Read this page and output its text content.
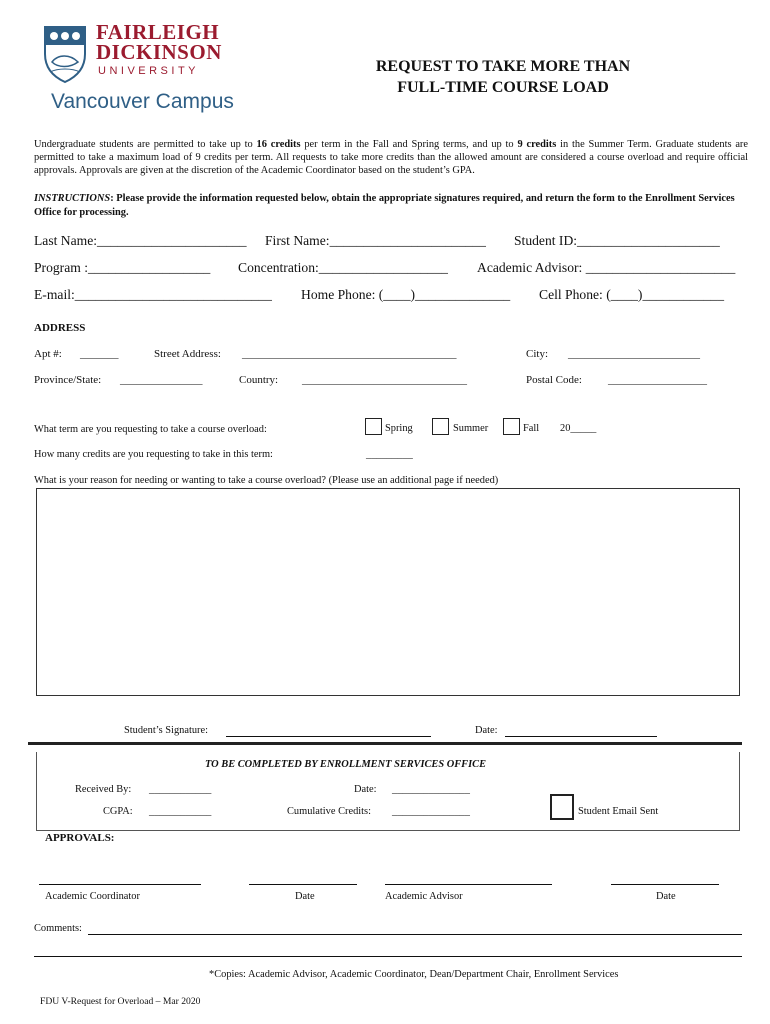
FAIRLEIGH
DICKINSON
UNIVERSITY
Vancouver Campus
REQUEST TO TAKE MORE THAN
FULL-TIME COURSE LOAD
Undergraduate students are permitted to take up to 16 credits per term in the Fall and Spring terms, and up to 9 credits in the Summer Term. Graduate students are permitted to take a maximum load of 9 credits per term. All requests to take more credits than the allowed amount are considered a course overload and require official approvals. Approvals are given at the discretion of the Academic Coordinator based on the student’s GPA.
INSTRUCTIONS: Please provide the information requested below, obtain the appropriate signatures required, and return the form to the Enrollment Services Office for processing.
Last Name:______________________ First Name:_______________________ Student ID:_____________________
Program :__________________ Concentration:___________________ Academic Advisor: ______________________
E-mail:_____________________________ Home Phone: (____)______________ Cell Phone: (____)____________
ADDRESS
Apt #: _______	Street Address: _______________________________________	City: ________________________
Province/State: _______________	Country: ______________________________	Postal Code: __________________
What term are you requesting to take a course overload:	Spring	Summer	Fall 20_____
How many credits are you requesting to take in this term:	_________
What is your reason for needing or wanting to take a course overload? (Please use an additional page if needed)
Student’s Signature:	Date:
TO BE COMPLETED BY ENROLLMENT SERVICES OFFICE
Received By: ____________	Date: _______________
CGPA: ____________	Cumulative Credits: _______________	Student Email Sent
APPROVALS:
Academic Coordinator	Date	Academic Advisor	Date
Comments:
*Copies: Academic Advisor, Academic Coordinator, Dean/Department Chair, Enrollment Services
FDU V-Request for Overload – Mar 2020
